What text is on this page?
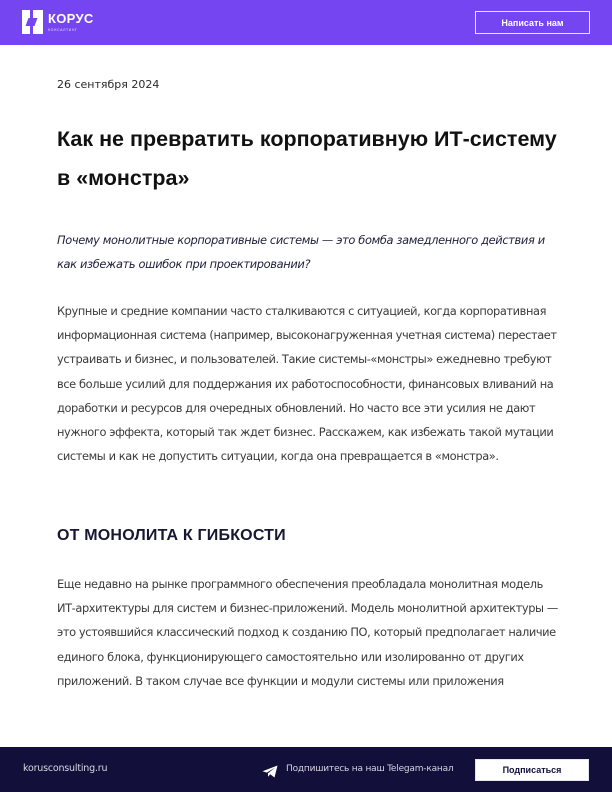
КОРУС
КОНСАЛТИНГ
Написать нам
26 сентября 2024
Как не превратить корпоративную ИТ-систему в «монстра»

Почему монолитные корпоративные системы — это бомба замедленного действия и как избежать ошибок при проектировании?

Крупные и средние компании часто сталкиваются с ситуацией, когда корпоративная информационная система (например, высоконагруженная учетная система) перестает устраивать и бизнес, и пользователей. Такие системы-«монстры» ежедневно требуют все больше усилий для поддержания их работоспособности, финансовых вливаний на доработки и ресурсов для очередных обновлений. Но часто все эти усилия не дают нужного эффекта, который так ждет бизнес. Расскажем, как избежать такой мутации системы и как не допустить ситуации, когда она превращается в «монстра».

ОТ МОНОЛИТА К ГИБКОСТИ

Еще недавно на рынке программного обеспечения преобладала монолитная модель ИТ-архитектуры для систем и бизнес-приложений. Модель монолитной архитектуры — это устоявшийся классический подход к созданию ПО, который предполагает наличие единого блока, функционирующего самостоятельно или изолированно от других приложений. В таком случае все функции и модули системы или приложения

korusconsulting.ru	Подпишитесь на наш Telegam-канал	Подписаться
